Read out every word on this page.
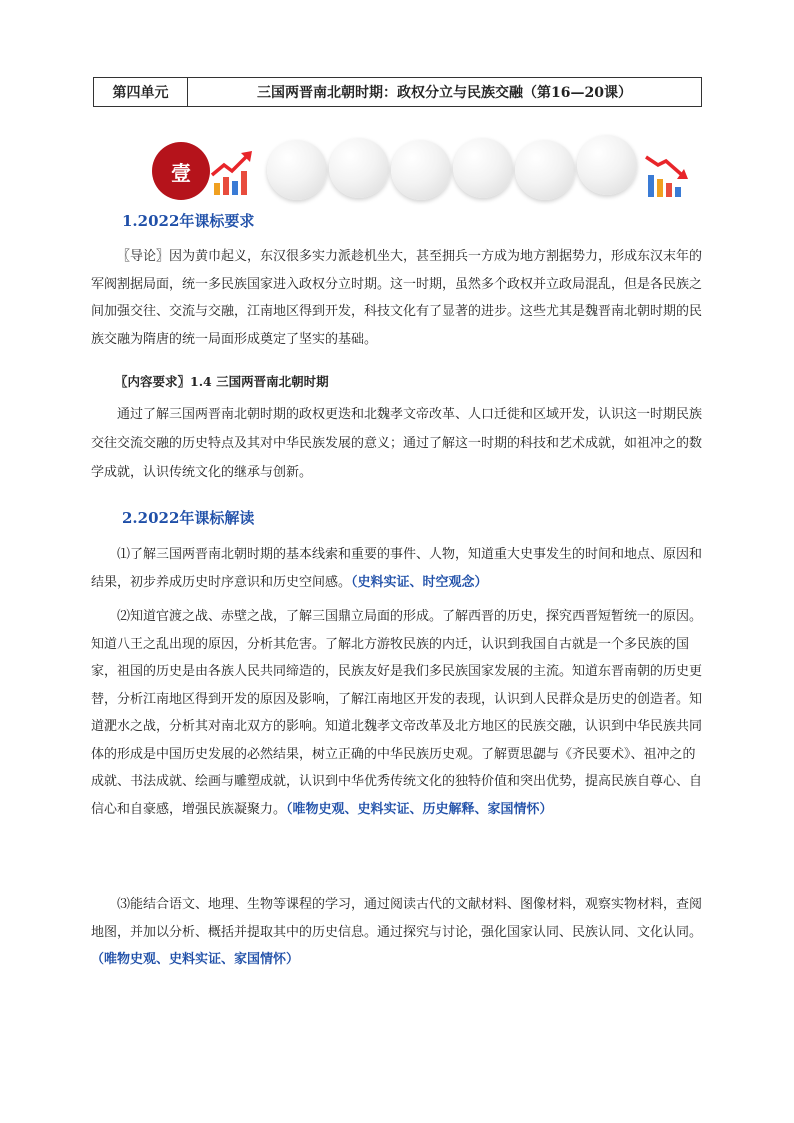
第四单元	三国两晋南北朝时期：政权分立与民族交融（第16—20课）
壹
1.2022年课标要求
〖导论〗因为黄巾起义，东汉很多实力派趁机坐大，甚至拥兵一方成为地方割据势力，形成东汉末年的军阀割据局面，统一多民族国家进入政权分立时期。这一时期，虽然多个政权并立政局混乱，但是各民族之间加强交往、交流与交融，江南地区得到开发，科技文化有了显著的进步。这些尤其是魏晋南北朝时期的民族交融为隋唐的统一局面形成奠定了坚实的基础。
〖内容要求〗1.4 三国两晋南北朝时期
通过了解三国两晋南北朝时期的政权更迭和北魏孝文帝改革、人口迁徙和区域开发，认识这一时期民族交往交流交融的历史特点及其对中华民族发展的意义；通过了解这一时期的科技和艺术成就，如祖冲之的数学成就，认识传统文化的继承与创新。
2.2022年课标解读
⑴了解三国两晋南北朝时期的基本线索和重要的事件、人物，知道重大史事发生的时间和地点、原因和结果，初步养成历史时序意识和历史空间感。（史料实证、时空观念）
⑵知道官渡之战、赤壁之战，了解三国鼎立局面的形成。了解西晋的历史，探究西晋短暂统一的原因。知道八王之乱出现的原因，分析其危害。了解北方游牧民族的内迁，认识到我国自古就是一个多民族的国家，祖国的历史是由各族人民共同缔造的，民族友好是我们多民族国家发展的主流。知道东晋南朝的历史更替，分析江南地区得到开发的原因及影响，了解江南地区开发的表现，认识到人民群众是历史的创造者。知道淝水之战，分析其对南北双方的影响。知道北魏孝文帝改革及北方地区的民族交融，认识到中华民族共同体的形成是中国历史发展的必然结果，树立正确的中华民族历史观。了解贾思勰与《齐民要术》、祖冲之的成就、书法成就、绘画与雕塑成就，认识到中华优秀传统文化的独特价值和突出优势，提高民族自尊心、自信心和自豪感，增强民族凝聚力。（唯物史观、史料实证、历史解释、家国情怀）
⑶能结合语文、地理、生物等课程的学习，通过阅读古代的文献材料、图像材料，观察实物材料，查阅地图，并加以分析、概括并提取其中的历史信息。通过探究与讨论，强化国家认同、民族认同、文化认同。（唯物史观、史料实证、家国情怀）
